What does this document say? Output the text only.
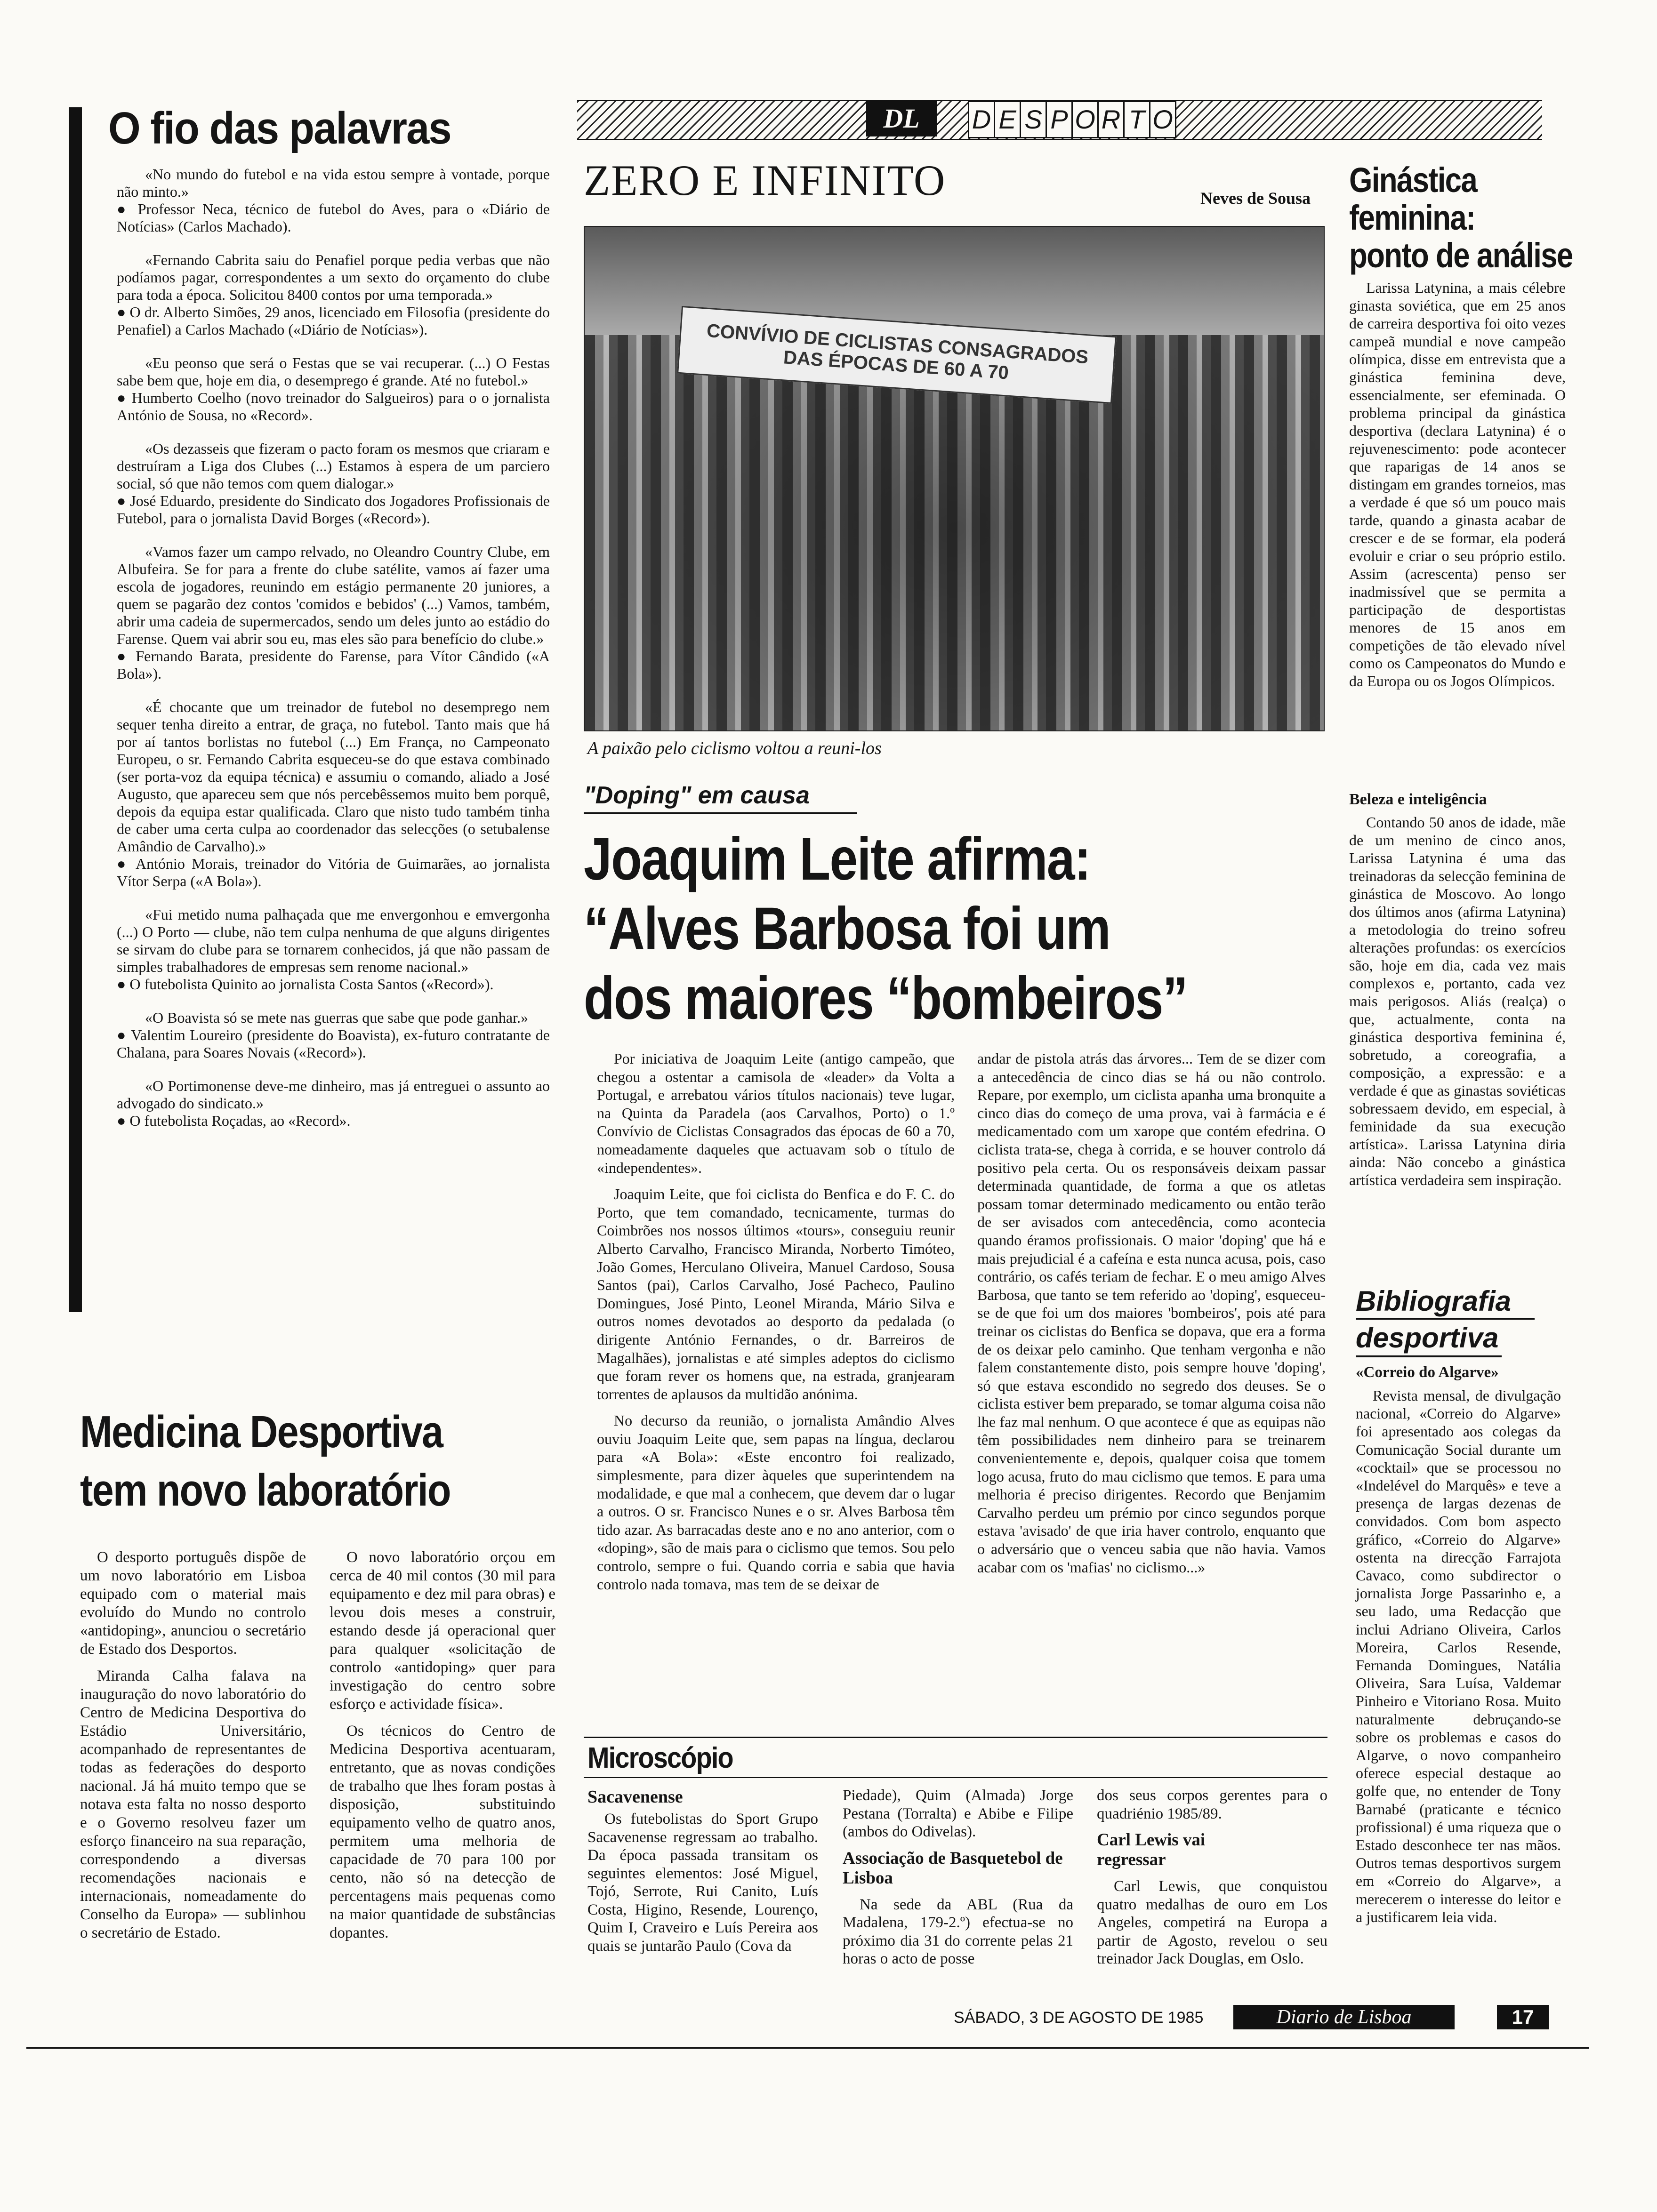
O fio das palavras

«No mundo do futebol e na vida estou sempre à vontade, porque não minto.»

● Professor Neca, técnico de futebol do Aves, para o «Diário de Notícias» (Carlos Machado).

«Fernando Cabrita saiu do Penafiel porque pedia verbas que não podíamos pagar, correspondentes a um sexto do orçamento do clube para toda a época. Solicitou 8400 contos por uma temporada.»

● O dr. Alberto Simões, 29 anos, licenciado em Filosofia (presidente do Penafiel) a Carlos Machado («Diário de Notícias»).

«Eu peonso que será o Festas que se vai recuperar. (...) O Festas sabe bem que, hoje em dia, o desemprego é grande. Até no futebol.»

● Humberto Coelho (novo treinador do Salgueiros) para o o jornalista António de Sousa, no «Record».

«Os dezasseis que fizeram o pacto foram os mesmos que criaram e destruíram a Liga dos Clubes (...) Estamos à espera de um parciero social, só que não temos com quem dialogar.»

● José Eduardo, presidente do Sindicato dos Jogadores Profissionais de Futebol, para o jornalista David Borges («Record»).

«Vamos fazer um campo relvado, no Oleandro Country Clube, em Albufeira. Se for para a frente do clube satélite, vamos aí fazer uma escola de jogadores, reunindo em estágio permanente 20 juniores, a quem se pagarão dez contos 'comidos e bebidos' (...) Vamos, também, abrir uma cadeia de supermercados, sendo um deles junto ao estádio do Farense. Quem vai abrir sou eu, mas eles são para benefício do clube.»

● Fernando Barata, presidente do Farense, para Vítor Cândido («A Bola»).

«É chocante que um treinador de futebol no desemprego nem sequer tenha direito a entrar, de graça, no futebol. Tanto mais que há por aí tantos borlistas no futebol (...) Em França, no Campeonato Europeu, o sr. Fernando Cabrita esqueceu-se do que estava combinado (ser porta-voz da equipa técnica) e assumiu o comando, aliado a José Augusto, que apareceu sem que nós percebêssemos muito bem porquê, depois da equipa estar qualificada. Claro que nisto tudo também tinha de caber uma certa culpa ao coordenador das selecções (o setubalense Amândio de Carvalho).»

● António Morais, treinador do Vitória de Guimarães, ao jornalista Vítor Serpa («A Bola»).

«Fui metido numa palhaçada que me envergonhou e emvergonha (...) O Porto — clube, não tem culpa nenhuma de que alguns dirigentes se sirvam do clube para se tornarem conhecidos, já que não passam de simples trabalhadores de empresas sem renome nacional.»

● O futebolista Quinito ao jornalista Costa Santos («Record»).

«O Boavista só se mete nas guerras que sabe que pode ganhar.»

● Valentim Loureiro (presidente do Boavista), ex-futuro contratante de Chalana, para Soares Novais («Record»).

«O Portimonense deve-me dinheiro, mas já entreguei o assunto ao advogado do sindicato.»

● O futebolista Roçadas, ao «Record».

Medicina Desportiva
tem novo laboratório

O desporto português dispõe de um novo laboratório em Lisboa equipado com o material mais evoluído do Mundo no controlo «antidoping», anunciou o secretário de Estado dos Desportos.

Miranda Calha falava na inauguração do novo laboratório do Centro de Medicina Desportiva do Estádio Universitário, acompanhado de representantes de todas as federações do desporto nacional. Já há muito tempo que se notava esta falta no nosso desporto e o Governo resolveu fazer um esforço financeiro na sua reparação, correspondendo a diversas recomendações nacionais e internacionais, nomeadamente do Conselho da Europa» — sublinhou o secretário de Estado.

O novo laboratório orçou em cerca de 40 mil contos (30 mil para equipamento e dez mil para obras) e levou dois meses a construir, estando desde já operacional quer para qualquer «solicitação de controlo «antidoping» quer para investigação do centro sobre esforço e actividade física».

Os técnicos do Centro de Medicina Desportiva acentuaram, entretanto, que as novas condições de trabalho que lhes foram postas à disposição, substituindo equipamento velho de quatro anos, permitem uma melhoria de capacidade de 70 para 100 por cento, não só na detecção de percentagens mais pequenas como na maior quantidade de substâncias dopantes.

DL	D E S P O R T O
ZERO E INFINITO	Neves de Sousa
CONVÍVIO DE CICLISTAS CONSAGRADOS DAS ÉPOCAS DE 60 A 70
A paixão pelo ciclismo voltou a reuni-los
"Doping" em causa
Joaquim Leite afirma:
“Alves Barbosa foi um
dos maiores “bombeiros”

Por iniciativa de Joaquim Leite (antigo campeão, que chegou a ostentar a camisola de «leader» da Volta a Portugal, e arrebatou vários títulos nacionais) teve lugar, na Quinta da Paradela (aos Carvalhos, Porto) o 1.º Convívio de Ciclistas Consagrados das épocas de 60 a 70, nomeadamente daqueles que actuavam sob o título de «independentes».

Joaquim Leite, que foi ciclista do Benfica e do F. C. do Porto, que tem comandado, tecnicamente, turmas do Coimbrões nos nossos últimos «tours», conseguiu reunir Alberto Carvalho, Francisco Miranda, Norberto Timóteo, João Gomes, Herculano Oliveira, Manuel Cardoso, Sousa Santos (pai), Carlos Carvalho, José Pacheco, Paulino Domingues, José Pinto, Leonel Miranda, Mário Silva e outros nomes devotados ao desporto da pedalada (o dirigente António Fernandes, o dr. Barreiros de Magalhães), jornalistas e até simples adeptos do ciclismo que foram rever os homens que, na estrada, granjearam torrentes de aplausos da multidão anónima.

No decurso da reunião, o jornalista Amândio Alves ouviu Joaquim Leite que, sem papas na língua, declarou para «A Bola»: «Este encontro foi realizado, simplesmente, para dizer àqueles que superintendem na modalidade, e que mal a conhecem, que devem dar o lugar a outros. O sr. Francisco Nunes e o sr. Alves Barbosa têm tido azar. As barracadas deste ano e no ano anterior, com o «doping», são de mais para o ciclismo que temos. Sou pelo controlo, sempre o fui. Quando corria e sabia que havia controlo nada tomava, mas tem de se deixar de

andar de pistola atrás das árvores... Tem de se dizer com a antecedência de cinco dias se há ou não controlo. Repare, por exemplo, um ciclista apanha uma bronquite a cinco dias do começo de uma prova, vai à farmácia e é medicamentado com um xarope que contém efedrina. O ciclista trata-se, chega à corrida, e se houver controlo dá positivo pela certa. Ou os responsáveis deixam passar determinada quantidade, de forma a que os atletas possam tomar determinado medicamento ou então terão de ser avisados com antecedência, como acontecia quando éramos profissionais. O maior 'doping' que há e mais prejudicial é a cafeína e esta nunca acusa, pois, caso contrário, os cafés teriam de fechar. E o meu amigo Alves Barbosa, que tanto se tem referido ao 'doping', esqueceu-se de que foi um dos maiores 'bombeiros', pois até para treinar os ciclistas do Benfica se dopava, que era a forma de os deixar pelo caminho. Que tenham vergonha e não falem constantemente disto, pois sempre houve 'doping', só que estava escondido no segredo dos deuses. Se o ciclista estiver bem preparado, se tomar alguma coisa não lhe faz mal nenhum. O que acontece é que as equipas não têm possibilidades nem dinheiro para se treinarem convenientemente e, depois, qualquer coisa que tomem logo acusa, fruto do mau ciclismo que temos. E para uma melhoria é preciso dirigentes. Recordo que Benjamim Carvalho perdeu um prémio por cinco segundos porque estava 'avisado' de que iria haver controlo, enquanto que o adversário que o venceu sabia que não havia. Vamos acabar com os 'mafias' no ciclismo...»

Microscópio
Sacavenense
Os futebolistas do Sport Grupo Sacavenense regressam ao trabalho. Da época passada transitam os seguintes elementos: José Miguel, Tojó, Serrote, Rui Canito, Luís Costa, Higino, Resende, Lourenço, Quim I, Craveiro e Luís Pereira aos quais se juntarão Paulo (Cova da
Piedade), Quim (Almada) Jorge Pestana (Torralta) e Abibe e Filipe (ambos do Odivelas).
Associação de Basquetebol de Lisboa
Na sede da ABL (Rua da Madalena, 179-2.º) efectua-se no próximo dia 31 do corrente pelas 21 horas o acto de posse
dos seus corpos gerentes para o quadriénio 1985/89.
Carl Lewis vai regressar
Carl Lewis, que conquistou quatro medalhas de ouro em Los Angeles, competirá na Europa a partir de Agosto, revelou o seu treinador Jack Douglas, em Oslo.
Ginástica
feminina:
ponto de análise

Larissa Latynina, a mais célebre ginasta soviética, que em 25 anos de carreira desportiva foi oito vezes campeã mundial e nove campeão olímpica, disse em entrevista que a ginástica feminina deve, essencialmente, ser efeminada. O problema principal da ginástica desportiva (declara Latynina) é o rejuvenescimento: pode acontecer que raparigas de 14 anos se distingam em grandes torneios, mas a verdade é que só um pouco mais tarde, quando a ginasta acabar de crescer e de se formar, ela poderá evoluir e criar o seu próprio estilo. Assim (acrescenta) penso ser inadmissível que se permita a participação de desportistas menores de 15 anos em competições de tão elevado nível como os Campeonatos do Mundo e da Europa ou os Jogos Olímpicos.

Beleza e inteligência

Contando 50 anos de idade, mãe de um menino de cinco anos, Larissa Latynina é uma das treinadoras da selecção feminina de ginástica de Moscovo. Ao longo dos últimos anos (afirma Latynina) a metodologia do treino sofreu alterações profundas: os exercícios são, hoje em dia, cada vez mais complexos e, portanto, cada vez mais perigosos. Aliás (realça) o que, actualmente, conta na ginástica desportiva feminina é, sobretudo, a coreografia, a composição, a expressão: e a verdade é que as ginastas soviéticas sobressaem devido, em especial, à feminidade da sua execução artística». Larissa Latynina diria ainda: Não concebo a ginástica artística verdadeira sem inspiração.

Bibliografia
desportiva
«Correio do Algarve»
Revista mensal, de divulgação nacional, «Correio do Algarve» foi apresentado aos colegas da Comunicação Social durante um «cocktail» que se processou no «Indelével do Marquês» e teve a presença de largas dezenas de convidados. Com bom aspecto gráfico, «Correio do Algarve» ostenta na direcção Farrajota Cavaco, como subdirector o jornalista Jorge Passarinho e, a seu lado, uma Redacção que inclui Adriano Oliveira, Carlos Moreira, Carlos Resende, Fernanda Domingues, Natália Oliveira, Sara Luísa, Valdemar Pinheiro e Vitoriano Rosa. Muito naturalmente debruçando-se sobre os problemas e casos do Algarve, o novo companheiro oferece especial destaque ao golfe que, no entender de Tony Barnabé (praticante e técnico profissional) é uma riqueza que o Estado desconhece ter nas mãos. Outros temas desportivos surgem em «Correio do Algarve», a merecerem o interesse do leitor e a justificarem leia vida.
SÁBADO, 3 DE AGOSTO DE 1985	Diario de Lisboa	17
